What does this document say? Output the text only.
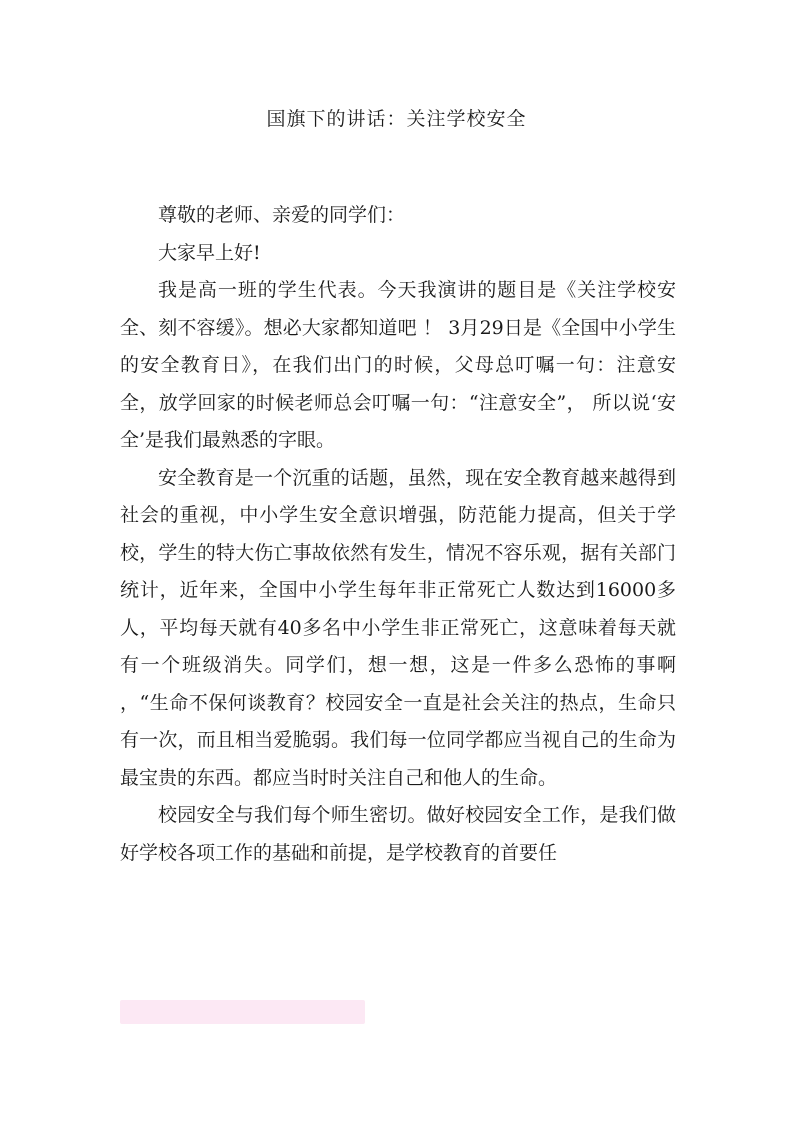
国旗下的讲话：关注学校安全

尊敬的老师、亲爱的同学们：

大家早上好!

我是高一班的学生代表。今天我演讲的题目是《关注学校安全、刻不容缓》。想必大家都知道吧 ！ 3月29日是《全国中小学生的安全教育日》，在我们出门的时候，父母总叮嘱一句：注意安全，放学回家的时候老师总会叮嘱一句：“注意安全”， 所以说‘安全’是我们最熟悉的字眼。

安全教育是一个沉重的话题，虽然，现在安全教育越来越得到社会的重视，中小学生安全意识增强，防范能力提高，但关于学校，学生的特大伤亡事故依然有发生，情况不容乐观，据有关部门统计，近年来，全国中小学生每年非正常死亡人数达到16000多人，平均每天就有40多名中小学生非正常死亡，这意味着每天就有一个班级消失。同学们，想一想，这是一件多么恐怖的事啊 ，“生命不保何谈教育？校园安全一直是社会关注的热点，生命只有一次，而且相当爱脆弱。我们每一位同学都应当视自己的生命为最宝贵的东西。都应当时时关注自己和他人的生命。

校园安全与我们每个师生密切。做好校园安全工作，是我们做好学校各项工作的基础和前提，是学校教育的首要任
